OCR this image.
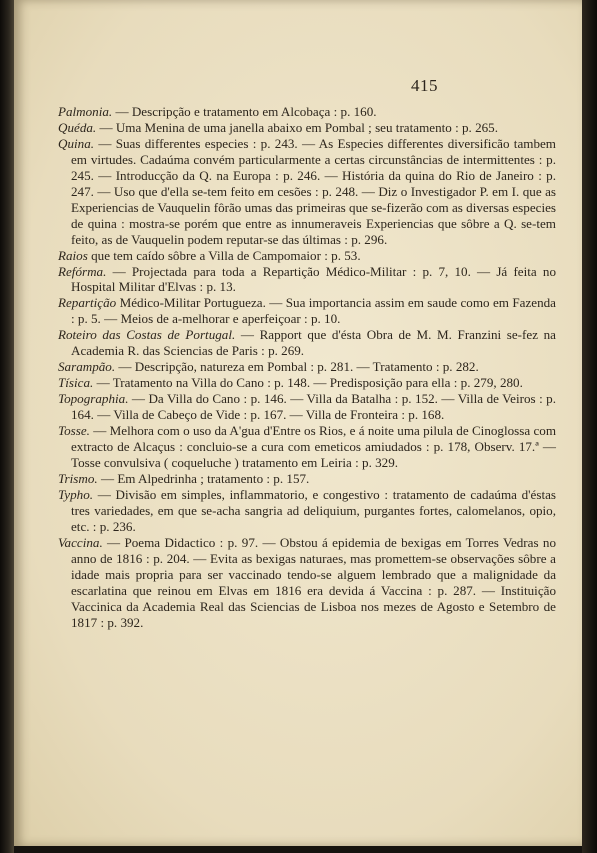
415

Palmonia. — Descripção e tratamento em Alcobaça : p. 160.

Quéda. — Uma Menina de uma janella abaixo em Pombal ; seu tratamento : p. 265.

Quina. — Suas differentes especies : p. 243. — As Especies differentes diversificão tambem em virtudes. Cadaúma convém particularmente a certas circunstâncias de intermittentes : p. 245. — Introducção da Q. na Europa : p. 246. — História da quina do Rio de Janeiro : p. 247. — Uso que d'ella se-tem feito em cesões : p. 248. — Diz o Investigador P. em I. que as Experiencias de Vauquelin fôrão umas das primeiras que se-fizerão com as diversas especies de quina : mostra-se porém que entre as innumeraveis Experiencias que sôbre a Q. se-tem feito, as de Vauquelin podem reputar-se das últimas : p. 296.

Raios que tem caído sôbre a Villa de Campomaior : p. 53.

Refórma. — Projectada para toda a Repartição Médico-Militar : p. 7, 10. — Já feita no Hospital Militar d'Elvas : p. 13.

Repartição Médico-Militar Portugueza. — Sua importancia assim em saude como em Fazenda : p. 5. — Meios de a-melhorar e aperfeiçoar : p. 10.

Roteiro das Costas de Portugal. — Rapport que d'ésta Obra de M. M. Franzini se-fez na Academia R. das Sciencias de Paris : p. 269.

Sarampão. — Descripção, natureza em Pombal : p. 281. — Tratamento : p. 282.

Tísica. — Tratamento na Villa do Cano : p. 148. — Predisposição para ella : p. 279, 280.

Topographia. — Da Villa do Cano : p. 146. — Villa da Batalha : p. 152. — Villa de Veiros : p. 164. — Villa de Cabeço de Vide : p. 167. — Villa de Fronteira : p. 168.

Tosse. — Melhora com o uso da A'gua d'Entre os Rios, e á noite uma pilula de Cinoglossa com extracto de Alcaçus : concluio-se a cura com emeticos amiudados : p. 178, Observ. 17.ª — Tosse convulsiva ( coqueluche ) tratamento em Leiria : p. 329.

Trismo. — Em Alpedrinha ; tratamento : p. 157.

Typho. — Divisão em simples, inflammatorio, e congestivo : tratamento de cadaúma d'éstas tres variedades, em que se-acha sangria ad deliquium, purgantes fortes, calomelanos, opio, etc. : p. 236.

Vaccina. — Poema Didactico : p. 97. — Obstou á epidemia de bexigas em Torres Vedras no anno de 1816 : p. 204. — Evita as bexigas naturaes, mas promettem-se observações sôbre a idade mais propria para ser vaccinado tendo-se alguem lembrado que a malignidade da escarlatina que reinou em Elvas em 1816 era devida á Vaccina : p. 287. — Instituição Vaccinica da Academia Real das Sciencias de Lisboa nos mezes de Agosto e Setembro de 1817 : p. 392.
